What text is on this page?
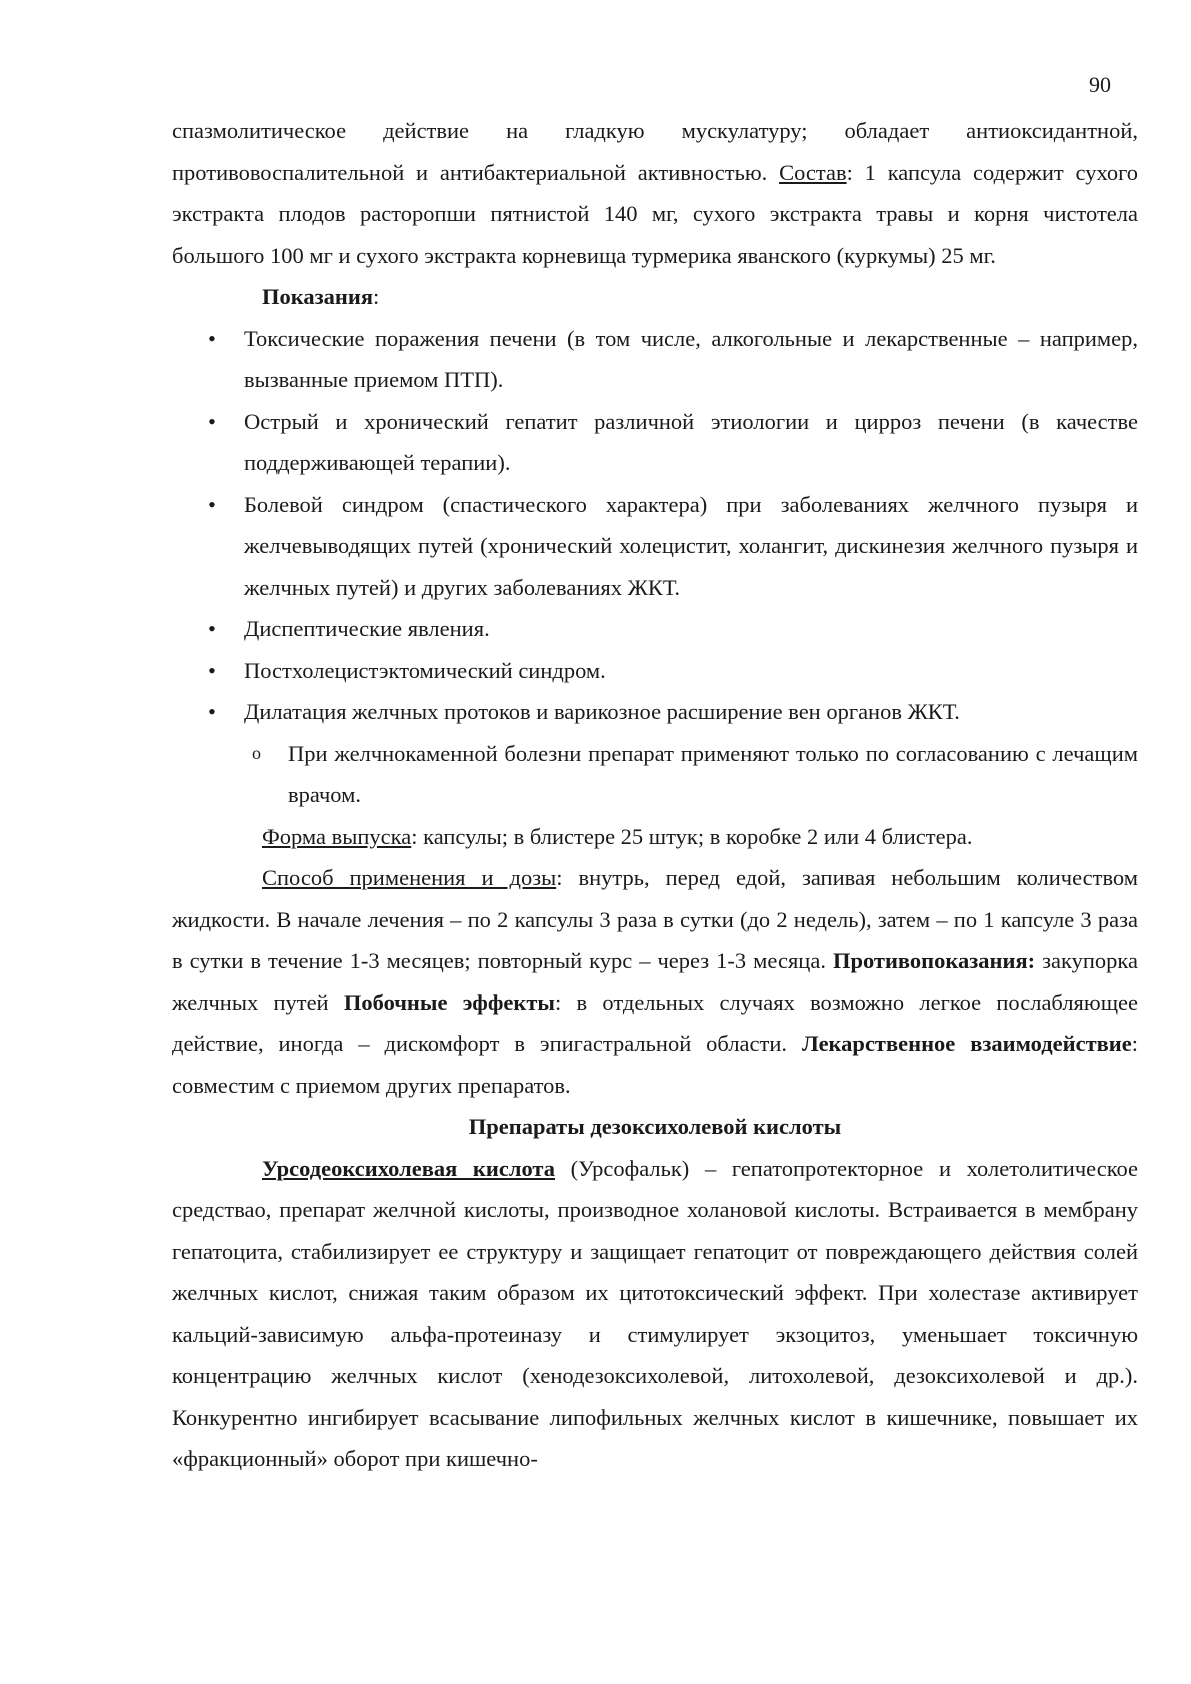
90

спазмолитическое действие на гладкую мускулатуру; обладает антиоксидантной, противовоспалительной и антибактериальной активностью. Состав: 1 капсула содержит сухого экстракта плодов расторопши пятнистой 140 мг, сухого экстракта травы и корня чистотела большого 100 мг и сухого экстракта корневища турмерика яванского (куркумы) 25 мг.

Показания:

• Токсические поражения печени (в том числе, алкогольные и лекарственные – например, вызванные приемом ПТП).
• Острый и хронический гепатит различной этиологии и цирроз печени (в качестве поддерживающей терапии).
• Болевой синдром (спастического характера) при заболеваниях желчного пузыря и желчевыводящих путей (хронический холецистит, холангит, дискинезия желчного пузыря и желчных путей) и других заболеваниях ЖКТ.
• Диспептические явления.
• Постхолецистэктомический синдром.
• Дилатация желчных протоков и варикозное расширение вен органов ЖКТ.
o При желчнокаменной болезни препарат применяют только по согласованию с лечащим врачом.

Форма выпуска: капсулы; в блистере 25 штук; в коробке 2 или 4 блистера.

Способ применения и дозы: внутрь, перед едой, запивая небольшим количеством жидкости. В начале лечения – по 2 капсулы 3 раза в сутки (до 2 недель), затем – по 1 капсуле 3 раза в сутки в течение 1-3 месяцев; повторный курс – через 1-3 месяца. Противопоказания: закупорка желчных путей Побочные эффекты: в отдельных случаях возможно легкое послабляющее действие, иногда – дискомфорт в эпигастральной области. Лекарственное взаимодействие: совместим с приемом других препаратов.

Препараты дезоксихолевой кислоты

Урсодеоксихолевая кислота (Урсофальк) – гепатопротекторное и холетолитическое средствао, препарат желчной кислоты, производное холановой кислоты. Встраивается в мембрану гепатоцита, стабилизирует ее структуру и защищает гепатоцит от повреждающего действия солей желчных кислот, снижая таким образом их цитотоксический эффект. При холестазе активирует кальций-зависимую альфа-протеиназу и стимулирует экзоцитоз, уменьшает токсичную концентрацию желчных кислот (хенодезоксихолевой, литохолевой, дезоксихолевой и др.). Конкурентно ингибирует всасывание липофильных желчных кислот в кишечнике, повышает их «фракционный» оборот при кишечно-
